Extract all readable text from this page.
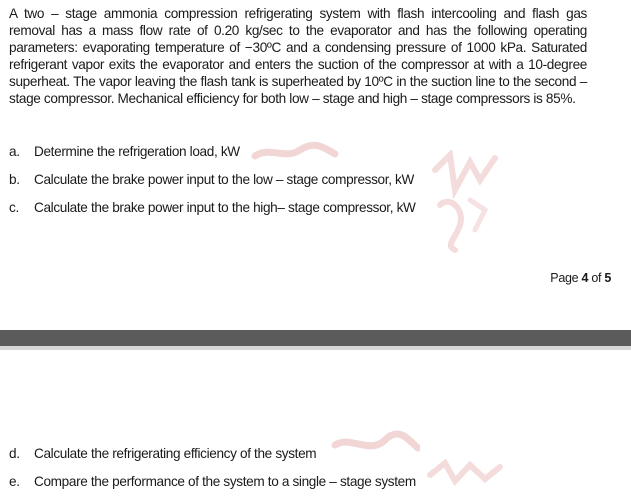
A two – stage ammonia compression refrigerating system with flash intercooling and flash gas removal has a mass flow rate of 0.20 kg/sec to the evaporator and has the following operating parameters: evaporating temperature of −30ºC and a condensing pressure of 1000 kPa. Saturated refrigerant vapor exits the evaporator and enters the suction of the compressor at with a 10-degree superheat. The vapor leaving the flash tank is superheated by 10ºC in the suction line to the second – stage compressor. Mechanical efficiency for both low – stage and high – stage compressors is 85%.
a. Determine the refrigeration load, kW
b. Calculate the brake power input to the low – stage compressor, kW
c. Calculate the brake power input to the high– stage compressor, kW
Page 4 of 5
d. Calculate the refrigerating efficiency of the system
e. Compare the performance of the system to a single – stage system
